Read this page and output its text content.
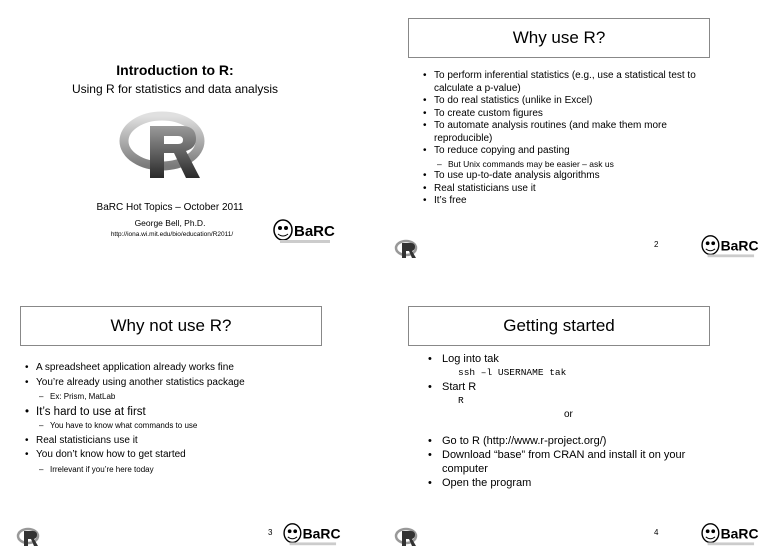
Introduction to R:
Using R for statistics and data analysis
BaRC Hot Topics – October 2011
George Bell, Ph.D.
http://iona.wi.mit.edu/bio/education/R2011/	BaRC
Why use R?
• To perform inferential statistics (e.g., use a statistical test to calculate a p-value)
• To do real statistics (unlike in Excel)
• To create custom figures
• To automate analysis routines (and make them more reproducible)
• To reduce copying and pasting
– But Unix commands may be easier – ask us
• To use up-to-date analysis algorithms
• Real statisticians use it
• It’s free
2	BaRC
Why not use R?
• A spreadsheet application already works fine
• You’re already using another statistics package
– Ex: Prism, MatLab
• It’s hard to use at first
– You have to know what commands to use
• Real statisticians use it
• You don’t know how to get started
– Irrelevant if you’re here today
3 BaRC
Getting started
• Log into tak
ssh –l USERNAME tak
• Start R
R
or
• Go to R (http://www.r-project.org/)
• Download “base” from CRAN and install it on your computer
• Open the program
4	BaRC
